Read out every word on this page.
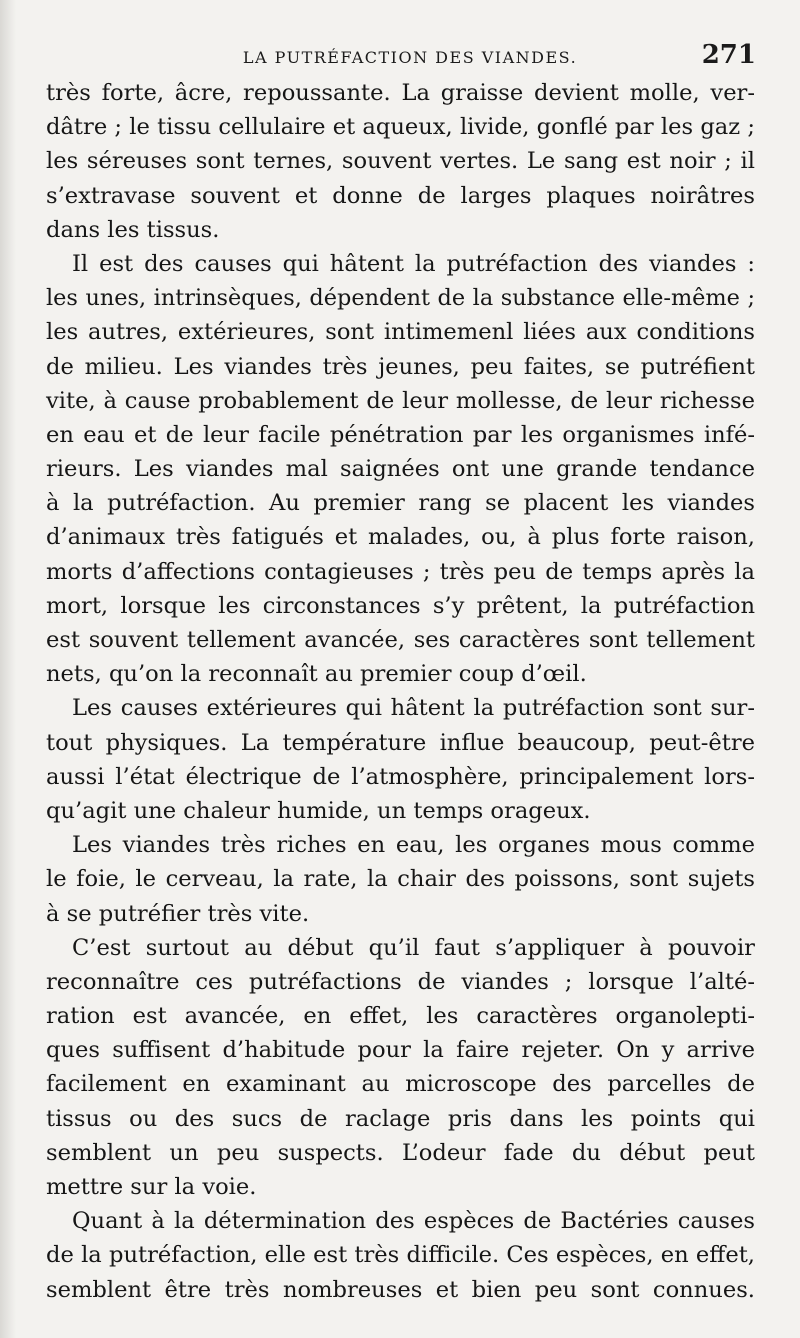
LA PUTRÉFACTION DES VIANDES.	271
très forte, âcre, repoussante. La graisse devient molle, ver-
dâtre ; le tissu cellulaire et aqueux, livide, gonflé par les gaz ;
les séreuses sont ternes, souvent vertes. Le sang est noir ; il
s’extravase souvent et donne de larges plaques noirâtres
dans les tissus.
Il est des causes qui hâtent la putréfaction des viandes :
les unes, intrinsèques, dépendent de la substance elle-même ;
les autres, extérieures, sont intimemenl liées aux conditions
de milieu. Les viandes très jeunes, peu faites, se putréfient
vite, à cause probablement de leur mollesse, de leur richesse
en eau et de leur facile pénétration par les organismes infé-
rieurs. Les viandes mal saignées ont une grande tendance
à la putréfaction. Au premier rang se placent les viandes
d’animaux très fatigués et malades, ou, à plus forte raison,
morts d’affections contagieuses ; très peu de temps après la
mort, lorsque les circonstances s’y prêtent, la putréfaction
est souvent tellement avancée, ses caractères sont tellement
nets, qu’on la reconnaît au premier coup d’œil.
Les causes extérieures qui hâtent la putréfaction sont sur-
tout physiques. La température influe beaucoup, peut-être
aussi l’état électrique de l’atmosphère, principalement lors-
qu’agit une chaleur humide, un temps orageux.
Les viandes très riches en eau, les organes mous comme
le foie, le cerveau, la rate, la chair des poissons, sont sujets
à se putréfier très vite.
C’est surtout au début qu’il faut s’appliquer à pouvoir
reconnaître ces putréfactions de viandes ; lorsque l’alté-
ration est avancée, en effet, les caractères organolepti-
ques suffisent d’habitude pour la faire rejeter. On y arrive
facilement en examinant au microscope des parcelles de
tissus ou des sucs de raclage pris dans les points qui
semblent un peu suspects. L’odeur fade du début peut
mettre sur la voie.
Quant à la détermination des espèces de Bactéries causes
de la putréfaction, elle est très difficile. Ces espèces, en effet,
semblent être très nombreuses et bien peu sont connues.
